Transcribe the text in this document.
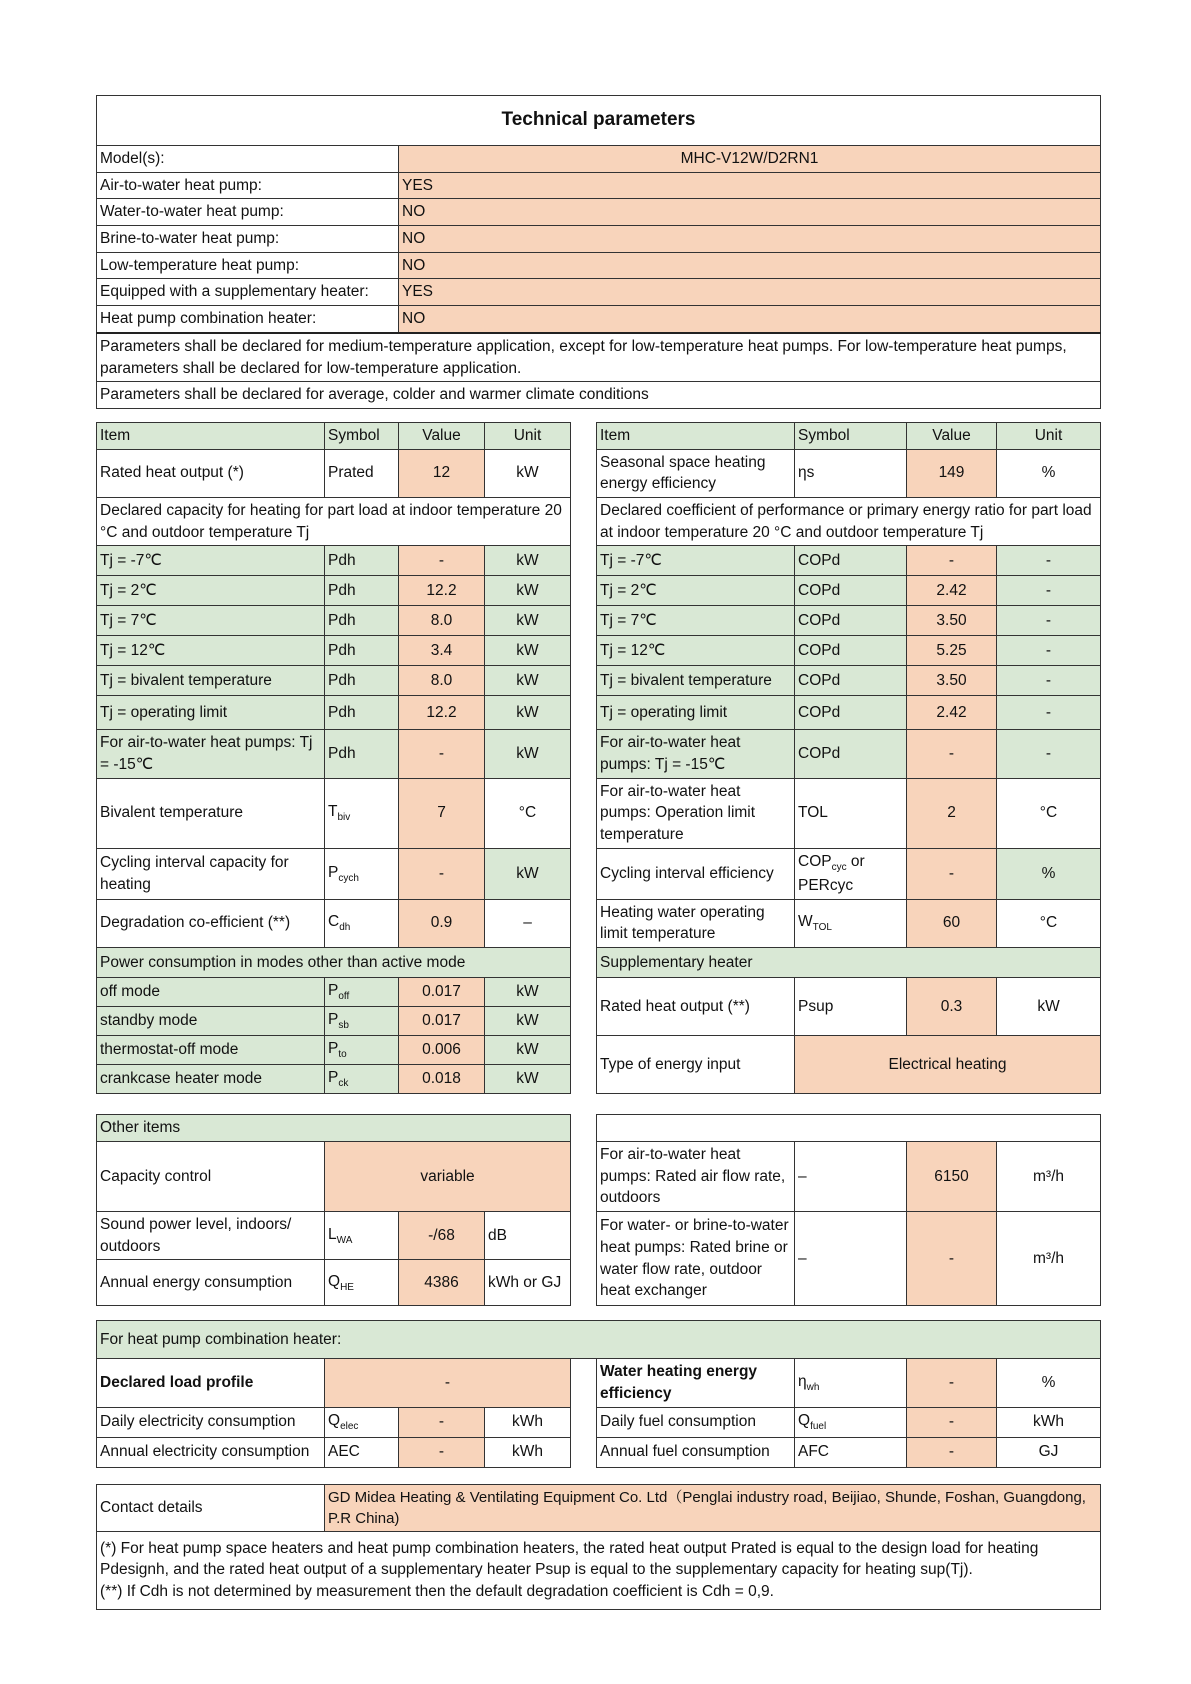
Technical parameters								
Model(s):		MHC-V12W/D2RN1						
Air-to-water heat pump:		YES						
Water-to-water heat pump:		NO						
Brine-to-water heat pump:		NO						
Low-temperature heat pump:		NO						
Equipped with a supplementary heater:		YES						
Heat pump combination heater:		NO						
Parameters shall be declared for medium-temperature application, except for low-temperature heat pumps. For low-temperature heat pumps, parameters shall be declared for low-temperature application.								
Parameters shall be declared for average, colder and warmer climate conditions								

Item	Symbol	Value	Unit		Item	Symbol	Value	Unit
Rated heat output (*)	Prated	12	kW		Seasonal space heating energy efficiency	ηs	149	%
Declared capacity for heating for part load at indoor temperature 20 °C and outdoor temperature Tj					Declared coefficient of performance or primary energy ratio for part load at indoor temperature 20 °C and outdoor temperature Tj			
Tj = -7℃	Pdh	-	kW		Tj = -7℃	COPd	-	-
Tj = 2℃	Pdh	12.2	kW		Tj = 2℃	COPd	2.42	-
Tj = 7℃	Pdh	8.0	kW		Tj = 7℃	COPd	3.50	-
Tj = 12℃	Pdh	3.4	kW		Tj = 12℃	COPd	5.25	-
Tj = bivalent temperature	Pdh	8.0	kW		Tj = bivalent temperature	COPd	3.50	-
Tj = operating limit	Pdh	12.2	kW		Tj = operating limit	COPd	2.42	-
For air-to-water heat pumps: Tj = -15℃	Pdh	-	kW		For air-to-water heat pumps: Tj = -15℃	COPd	-	-
Bivalent temperature	$T_{biv}$	7	°C		For air-to-water heat pumps: Operation limit temperature	TOL	2	°C
Cycling interval capacity for heating	$P_{cych}$	-	kW		Cycling interval efficiency	$COP_{cyc}$ or PERcyc	-	%
Degradation co-efficient (**)	$C_{dh}$	0.9	–		Heating water operating limit temperature	$W_{TOL}$	60	°C
Power consumption in modes other than active mode					Supplementary heater			
off mode	$P_{off}$	0.017	kW		Rated heat output (**)	Psup	0.3	kW
standby mode	$P_{sb}$	0.017	kW					
thermostat-off mode	$P_{to}$	0.006	kW		Type of energy input	Electrical heating		
crankcase heater mode	$P_{ck}$	0.018	kW					

Other items								
Capacity control	variable				For air-to-water heat pumps: Rated air flow rate, outdoors	–	6150	m³/h
Sound power level, indoors/ outdoors	$L_{WA}$	-/68	dB		For water- or brine-to-water heat pumps: Rated brine or water flow rate, outdoor heat exchanger	–	-	m³/h
Annual energy consumption	$Q_{HE}$	4386	kWh or GJ					

For heat pump combination heater:								
Declared load profile	-				Water heating energy efficiency	$\eta_{wh}$	-	%
Daily electricity consumption	$Q_{elec}$	-	kWh		Daily fuel consumption	$Q_{fuel}$	-	kWh
Annual electricity consumption	AEC	-	kWh		Annual fuel consumption	AFC	-	GJ

Contact details	GD Midea Heating & Ventilating Equipment Co. Ltd（Penglai industry road, Beijiao, Shunde, Foshan, Guangdong, P.R China)							

(*) For heat pump space heaters and heat pump combination heaters, the rated heat output Prated is equal to the design load for heating Pdesignh, and the rated heat output of a supplementary heater Psup is equal to the supplementary capacity for heating sup(Tj).
(**) If Cdh is not determined by measurement then the default degradation coefficient is Cdh = 0,9.								
